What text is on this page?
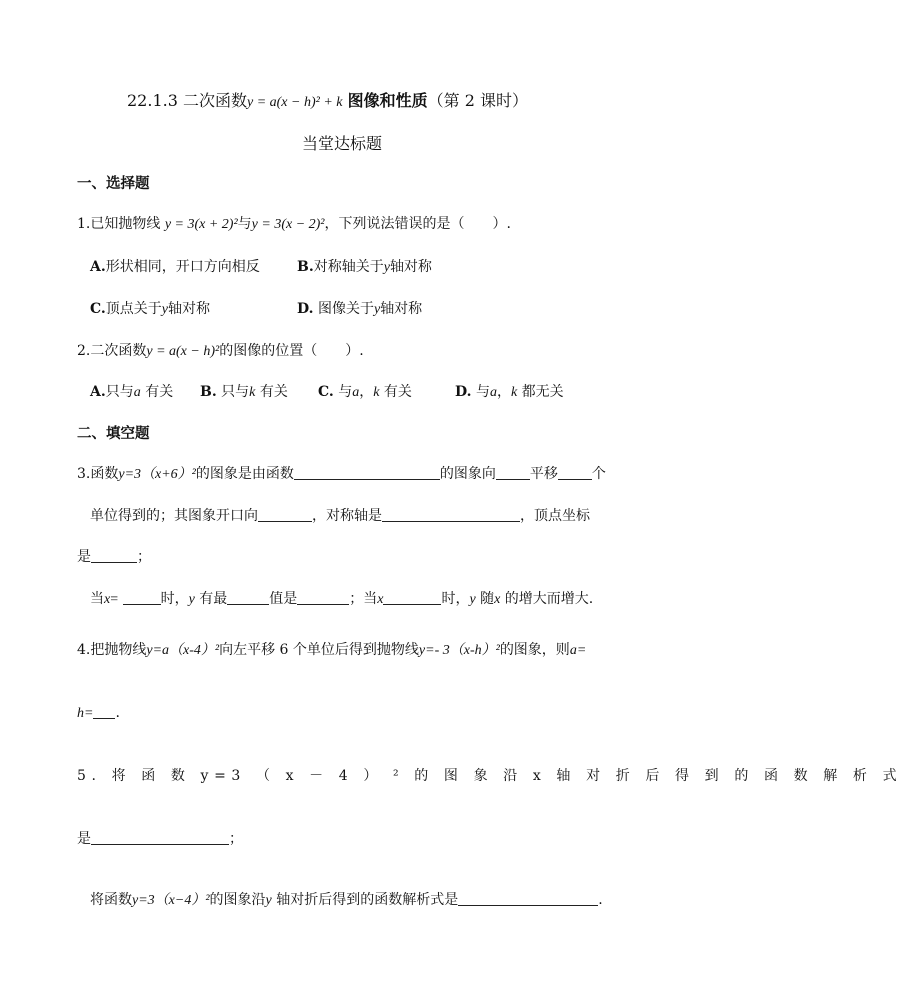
22.1.3 二次函数y = a(x − h)² + k 图像和性质（第 2 课时）
当堂达标题
一、选择题
1.已知抛物线 y = 3(x + 2)²与y = 3(x − 2)²，下列说法错误的是（　　）.
A.形状相同，开口方向相反	B.对称轴关于y轴对称
C.顶点关于y轴对称	D. 图像关于y轴对称
2.二次函数y = a(x − h)²的图像的位置（　　）.
A.只与a 有关 B. 只与k 有关 C. 与a，k 有关	D. 与a，k 都无关
二、填空题
3.函数y=3（x+6）²的图象是由函数	的图象向 平移 个
单位得到的；其图象开口向	，对称轴是	，顶点坐标
是	；
当x=	时，y 有最	值是	；当x	时，y 随x 的增大而增大.
4.把抛物线y=a（x-4）²向左平移 6 个单位后得到抛物线y=- 3（x-h）²的图象，则a=
h= .
5. 将 函 数 y=3 （ x － 4 ） ² 的 图 象 沿 x 轴 对 折 后 得 到 的 函 数 解 析 式
是	；
将函数y=3（x−4）²的图象沿y 轴对折后得到的函数解析式是	.
